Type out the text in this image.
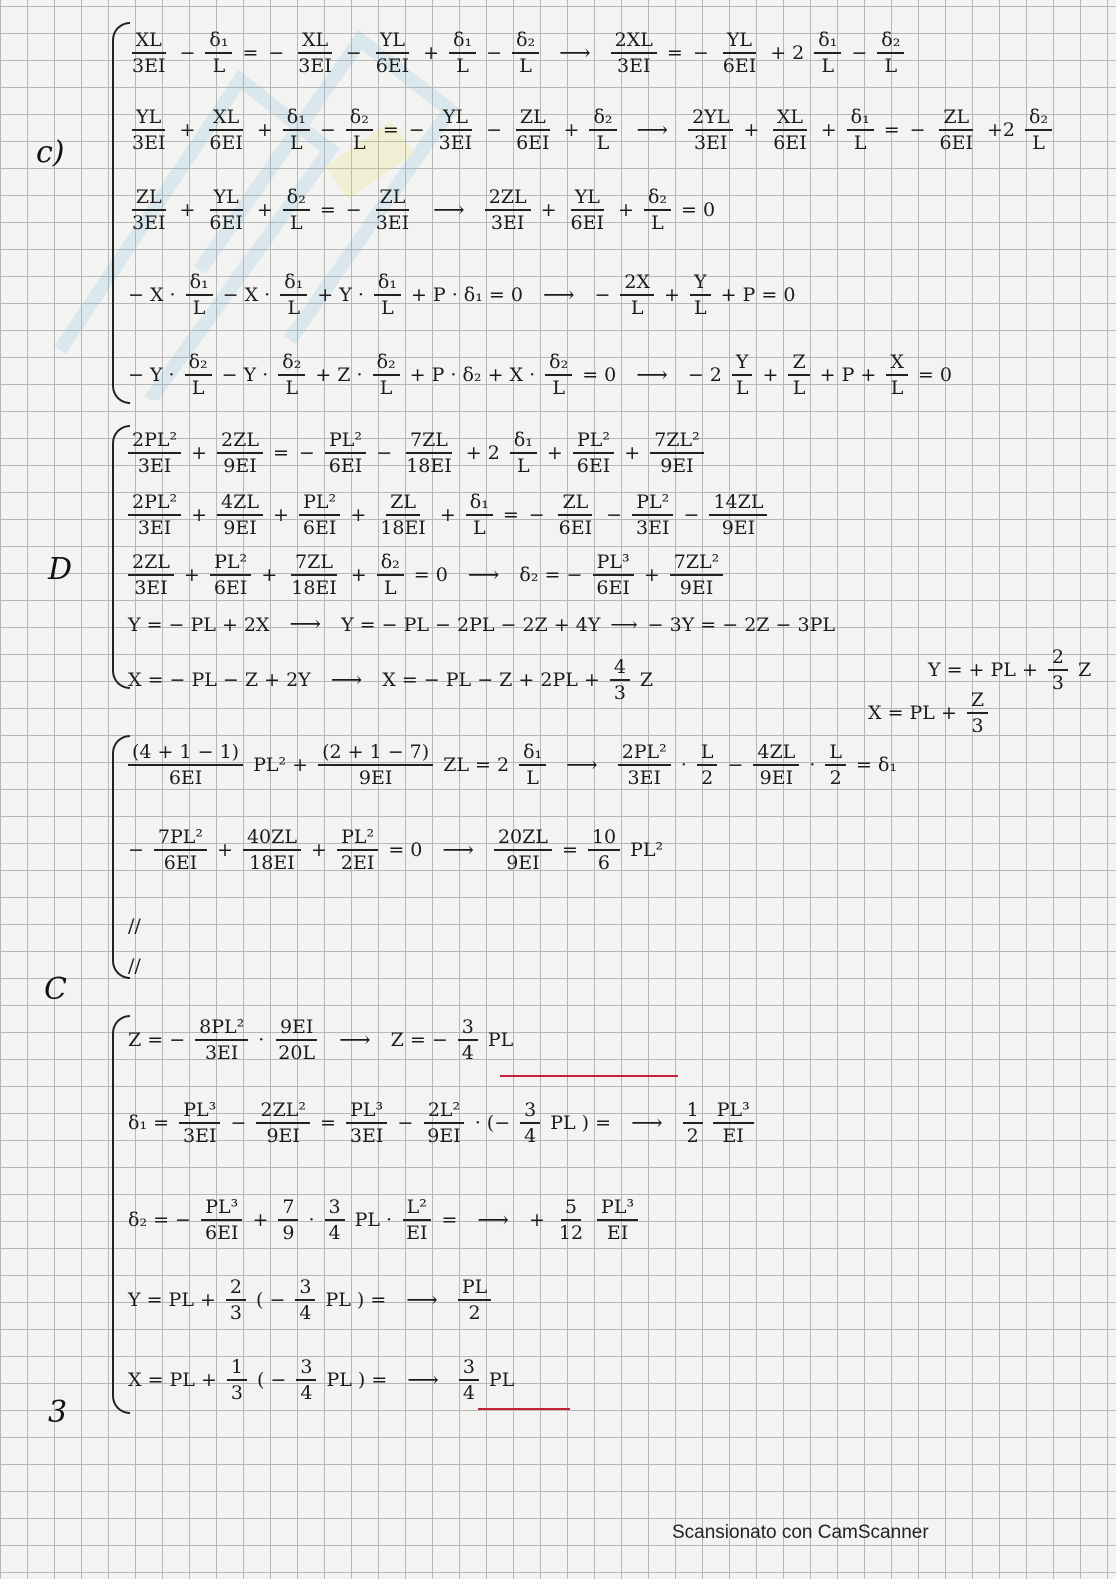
$\frac{XL}{3EI} - \frac{\text{δ₁}}{L}$ = − $\frac{XL}{3EI} - \frac{YL}{6EI} + \frac{\text{δ₁}}{L} - \frac{\text{δ₂}}{L}$ ⟶ $\frac{2XL}{3EI}$ = − $\frac{YL}{6EI} + 2 \frac{\text{δ₁}}{L} - \frac{\text{δ₂}}{L}$
$\frac{YL}{3EI} + \frac{XL}{6EI} + \frac{\text{δ₁}}{L} - \frac{\text{δ₂}}{L}$ = − $\frac{YL}{3EI} - \frac{ZL}{6EI} + \frac{\text{δ₂}}{L}$ ⟶ $\frac{2YL}{3EI} + \frac{XL}{6EI} + \frac{\text{δ₁}}{L}$ = − $\frac{ZL}{6EI} +2 \frac{\text{δ₂}}{L}$
$\frac{ZL}{3EI} + \frac{YL}{6EI} + \frac{\text{δ₂}}{L}$ = − $\frac{ZL}{3EI}$ ⟶ $\frac{2ZL}{3EI} + \frac{YL}{6EI} + \frac{\text{δ₂}}{L} = 0$
− $X \cdot \frac{\text{δ₁}}{L} - X \cdot \frac{\text{δ₁}}{L} + Y \cdot \frac{\text{δ₁}}{L} + P \cdot \delta_1 = 0$ ⟶ − $\frac{2X}{L} + \frac{Y}{L} + P = 0$
− $Y \cdot \frac{\text{δ₂}}{L} - Y \cdot \frac{\text{δ₂}}{L} + Z \cdot \frac{\text{δ₂}}{L} + P \cdot \delta_2 + X \cdot \frac{\text{δ₂}}{L} = 0$ ⟶ − $2 \frac{Y}{L} + \frac{Z}{L} + P + \frac{X}{L} = 0$
$\frac{\text{2PL²}}{3EI} + \frac{2ZL}{9EI}$ = − $\frac{\text{PL²}}{6EI} - \frac{7ZL}{18EI} + 2 \frac{\text{δ₁}}{L} + \frac{\text{PL²}}{6EI} + \frac{\text{7ZL²}}{9EI}$
$\frac{\text{2PL²}}{3EI} + \frac{4ZL}{9EI} + \frac{\text{PL²}}{6EI} + \frac{ZL}{18EI} + \frac{\text{δ₁}}{L}$ = − $\frac{ZL}{6EI} - \frac{\text{PL²}}{3EI} - \frac{14ZL}{9EI}$
$\frac{2ZL}{3EI} + \frac{\text{PL²}}{6EI} + \frac{7ZL}{18EI} + \frac{\text{δ₂}}{L} = 0$ ⟶ δ₂ = − $\frac{\text{PL³}}{6EI} + \frac{\text{7ZL²}}{9EI}$
Y = − PL + 2X ⟶ Y = − PL − 2PL − 2Z + 4Y ⟶ − 3Y = − 2Z − 3PL
X = − PL − Z + 2Y ⟶ X = − PL − $Z + 2PL + \frac{4}{3}$ Z	Y = + PL + $\frac{2}{3}$ Z
X = PL + $\frac{Z}{3}$
$\frac{(4 + 1 - 1)}{6EI} PL^2 + \frac{(2 + 1 - 7)}{9EI}$ ZL = $2 \frac{\text{δ₁}}{L}$ ⟶ $\frac{\text{2PL²}}{3EI} \cdot \frac{L}{2} - \frac{4ZL}{9EI} \cdot \frac{L}{2} = \delta_1$
− $\frac{\text{7PL²}}{6EI} + \frac{40ZL}{18EI} + \frac{\text{PL²}}{2EI} = 0$ ⟶ $\frac{20ZL}{9EI} = \frac{10}{6} PL^2$
//
//
Z = − $\frac{\text{8PL²}}{3EI} \cdot \frac{9EI}{20L}$ ⟶ Z = − $\frac{3}{4}$ PL
$\delta_1 = \frac{\text{PL³}}{3EI} - \frac{\text{2ZL²}}{9EI} = \frac{\text{PL³}}{3EI} - \frac{\text{2L²}}{9EI}$ · (− $\frac{3}{4}$ PL ) = ⟶ $\frac{1}{2} \frac{\text{PL³}}{EI}$
δ₂ = − $\frac{\text{PL³}}{6EI} + \frac{7}{9} \cdot \frac{3}{4}$ PL · $\frac{\text{L²}}{EI}$ = ⟶ + $\frac{5}{12} \frac{\text{PL³}}{EI}$
Y = PL + $\frac{2}{3}$ ( − $\frac{3}{4}$ PL ) = ⟶ $\frac{PL}{2}$
X = PL + $\frac{1}{3}$ ( − $\frac{3}{4}$ PL ) = ⟶ $\frac{3}{4}$ PL
c)
D
C
3
Scansionato con CamScanner
